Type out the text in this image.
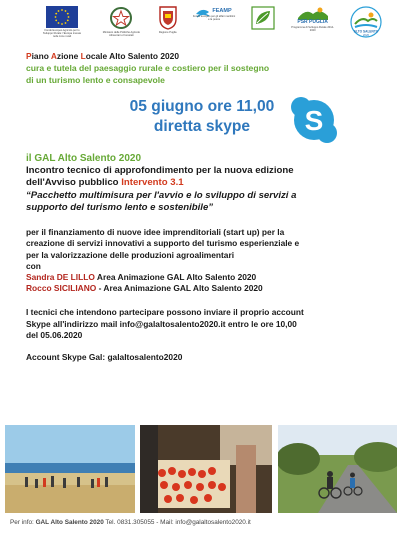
Fondo Europeo Agricolo per lo Sviluppo Rurale: l'Europa investe nelle zone rurali
Ministero delle Politiche Agricole Alimentari e Forestali
Regione Puglia
FEAMP
Fondo europeo per gli affari marittimi e la pesca	PSR PUGLIA
Programma di Sviluppo Rurale 2014-2020	ALTO SALENTO
2020
Piano Azione Locale Alto Salento 2020
cura e tutela del paesaggio rurale e costiero per il sostegno
di un turismo lento e consapevole
05 giugno ore 11,00
diretta skype	S
il GAL Alto Salento 2020
Incontro tecnico di approfondimento per la nuova edizione
dell'Avviso pubblico Intervento 3.1
“Pacchetto multimisura per l'avvio e lo sviluppo di servizi a
supporto del turismo lento e sostenibile”
per il finanziamento di nuove idee imprenditoriali (start up) per la
creazione di servizi innovativi a supporto del turismo esperienziale e
per la valorizzazione delle produzioni agroalimentari
con
Sandra DE LILLO Area Animazione GAL Alto Salento 2020
Rocco SICILIANO - Area Animazione GAL Alto Salento 2020
I tecnici che intendono partecipare possono inviare il proprio account
Skype all'indirizzo mail info@galaltosalento2020.it entro le ore 10,00
del 05.06.2020
Account Skype Gal: galaltosalento2020
Per info: GAL Alto Salento 2020 Tel. 0831.305055 - Mail: info@galaltosalento2020.it
